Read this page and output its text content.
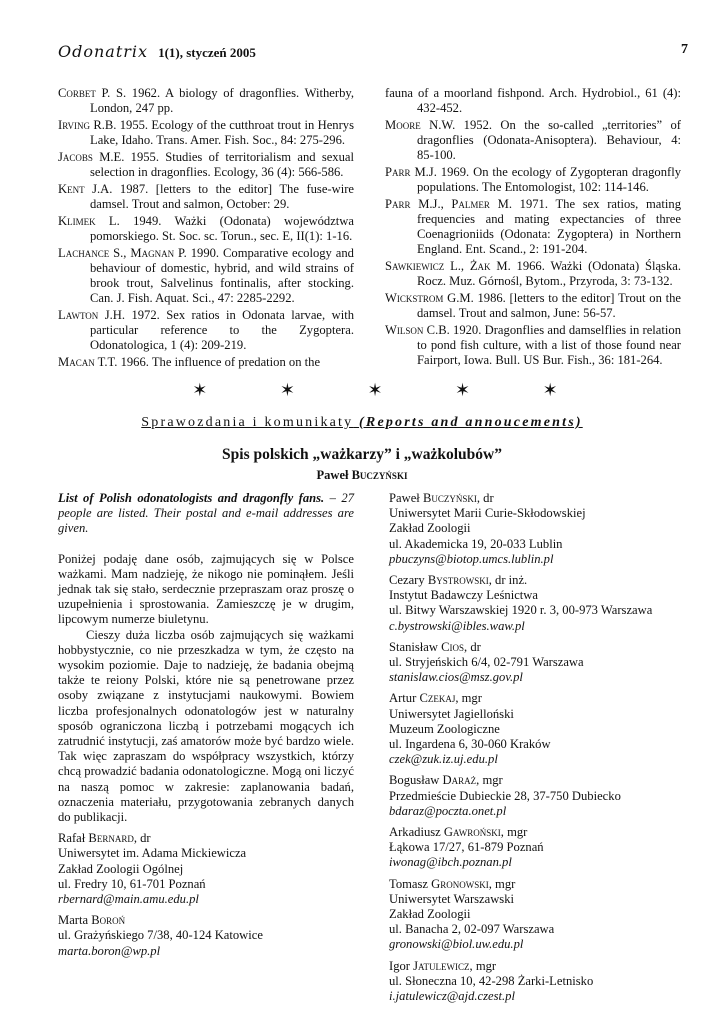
Odonatrix 1(1), styczeń 2005	7

Corbet P. S. 1962. A biology of dragonflies. Witherby, London, 247 pp.

Irving R.B. 1955. Ecology of the cutthroat trout in Henrys Lake, Idaho. Trans. Amer. Fish. Soc., 84: 275-296.

Jacobs M.E. 1955. Studies of territorialism and sexual selection in dragonflies. Ecology, 36 (4): 566-586.

Kent J.A. 1987. [letters to the editor] The fuse-wire damsel. Trout and salmon, October: 29.

Klimek L. 1949. Ważki (Odonata) województwa pomorskiego. St. Soc. sc. Torun., sec. E, II(1): 1-16.

Lachance S., Magnan P. 1990. Comparative ecology and behaviour of domestic, hybrid, and wild strains of brook trout, Salvelinus fontinalis, after stocking. Can. J. Fish. Aquat. Sci., 47: 2285-2292.

Lawton J.H. 1972. Sex ratios in Odonata larvae, with particular reference to the Zygoptera. Odonatologica, 1 (4): 209-219.

Macan T.T. 1966. The influence of predation on the

fauna of a moorland fishpond. Arch. Hydrobiol., 61 (4): 432-452.

Moore N.W. 1952. On the so-called „territories” of dragonflies (Odonata-Anisoptera). Behaviour, 4: 85-100.

Parr M.J. 1969. On the ecology of Zygopteran dragonfly populations. The Entomologist, 102: 114-146.

Parr M.J., Palmer M. 1971. The sex ratios, mating frequencies and mating expectancies of three Coenagrioniids (Odonata: Zygoptera) in Northern England. Ent. Scand., 2: 191-204.

Sawkiewicz L., Żak M. 1966. Ważki (Odonata) Śląska. Rocz. Muz. Górnośl, Bytom., Przyroda, 3: 73-132.

Wickstrom G.M. 1986. [letters to the editor] Trout on the damsel. Trout and salmon, June: 56-57.

Wilson C.B. 1920. Dragonflies and damselflies in relation to pond fish culture, with a list of those found near Fairport, Iowa. Bull. US Bur. Fish., 36: 181-264.

✶ ✶ ✶ ✶ ✶
Sprawozdania i komunikaty (Reports and annoucements)
Spis polskich „ważkarzy” i „ważkolubów”
Paweł Buczyński

List of Polish odonatologists and dragonfly fans. – 27 people are listed. Their postal and e-mail addresses are given.

Poniżej podaję dane osób, zajmujących się w Polsce ważkami. Mam nadzieję, że nikogo nie pominąłem. Jeśli jednak tak się stało, serdecznie przepraszam oraz proszę o uzupełnienia i sprostowania. Zamieszczę je w drugim, lipcowym numerze biuletynu.

Cieszy duża liczba osób zajmujących się ważkami hobbystycznie, co nie przeszkadza w tym, że często na wysokim poziomie. Daje to nadzieję, że badania obejmą także te reiony Polski, które nie są penetrowane przez osoby związane z instytucjami naukowymi. Bowiem liczba profesjonalnych odonatologów jest w naturalny sposób ograniczona liczbą i potrzebami mogących ich zatrudnić instytucji, zaś amatorów może być bardzo wiele. Tak więc zapraszam do współpracy wszystkich, którzy chcą prowadzić badania odonatologiczne. Mogą oni liczyć na naszą pomoc w zakresie: zaplanowania badań, oznaczenia materiału, przygotowania zebranych danych do publikacji.

Rafał Bernard, dr
Uniwersytet im. Adama Mickiewicza
Zakład Zoologii Ogólnej
ul. Fredry 10, 61-701 Poznań
rbernard@main.amu.edu.pl
Marta Boroń
ul. Grażyńskiego 7/38, 40-124 Katowice
marta.boron@wp.pl
Paweł Buczyński, dr
Uniwersytet Marii Curie-Skłodowskiej
Zakład Zoologii
ul. Akademicka 19, 20-033 Lublin
pbuczyns@biotop.umcs.lublin.pl
Cezary Bystrowski, dr inż.
Instytut Badawczy Leśnictwa
ul. Bitwy Warszawskiej 1920 r. 3, 00-973 Warszawa
c.bystrowski@ibles.waw.pl
Stanisław Cios, dr
ul. Stryjeńskich 6/4, 02-791 Warszawa
stanislaw.cios@msz.gov.pl
Artur Czekaj, mgr
Uniwersytet Jagielloński
Muzeum Zoologiczne
ul. Ingardena 6, 30-060 Kraków
czek@zuk.iz.uj.edu.pl
Bogusław Daraż, mgr
Przedmieście Dubieckie 28, 37-750 Dubiecko
bdaraz@poczta.onet.pl
Arkadiusz Gawroński, mgr
Łąkowa 17/27, 61-879 Poznań
iwonag@ibch.poznan.pl
Tomasz Gronowski, mgr
Uniwersytet Warszawski
Zakład Zoologii
ul. Banacha 2, 02-097 Warszawa
gronowski@biol.uw.edu.pl
Igor Jatulewicz, mgr
ul. Słoneczna 10, 42-298 Żarki-Letnisko
i.jatulewicz@ajd.czest.pl
